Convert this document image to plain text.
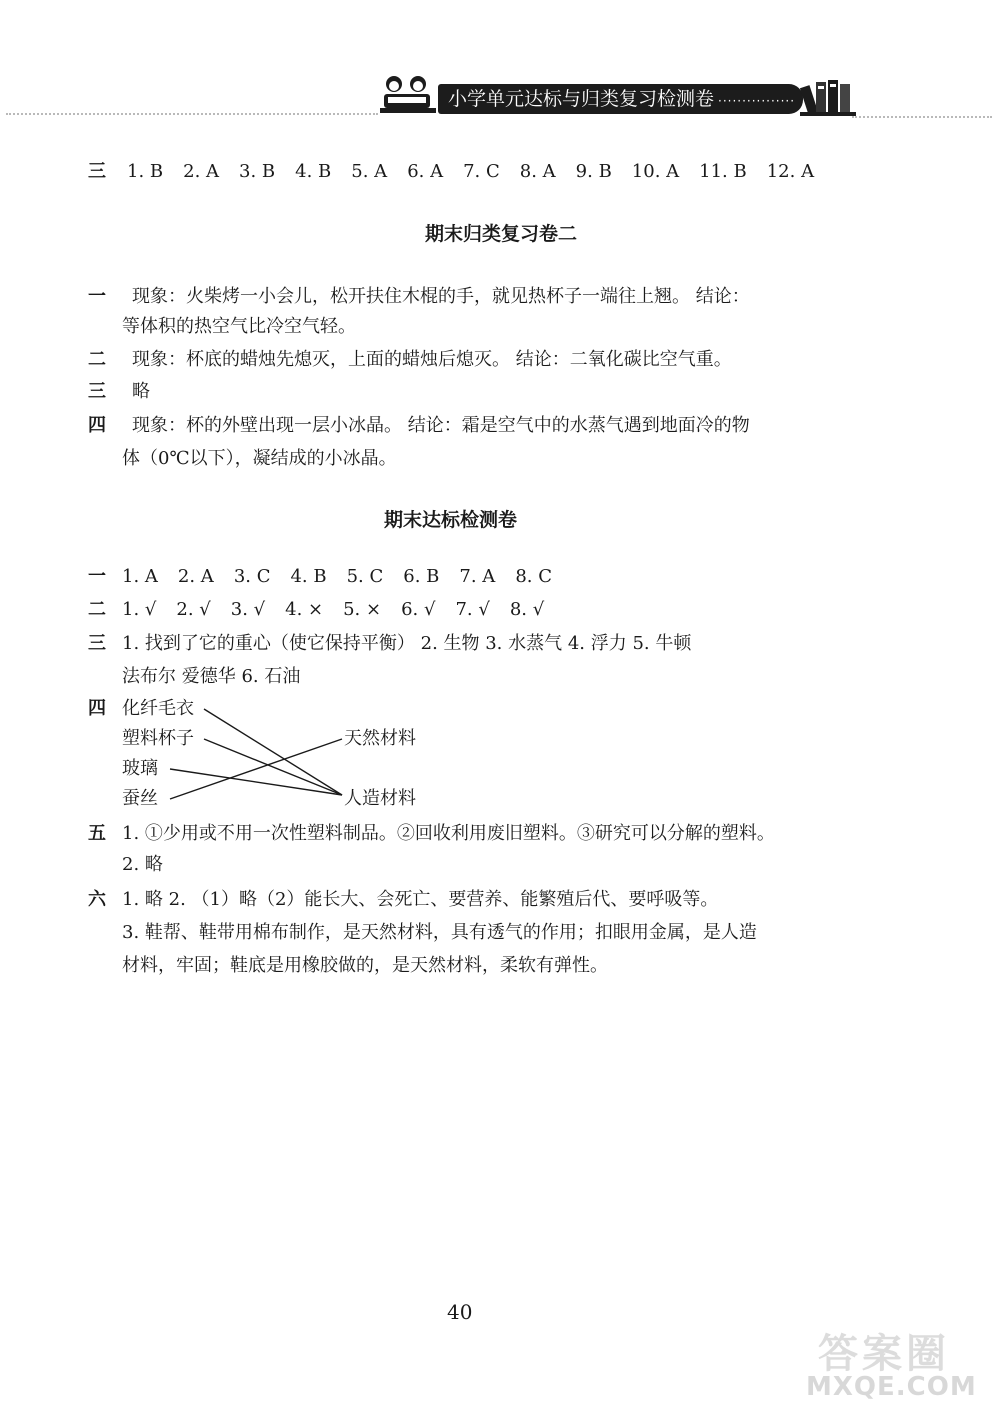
小学单元达标与归类复习检测卷 ················
三 1. B 2. A 3. B 4. B 5. A 6. A 7. C 8. A 9. B 10. A 11. B 12. A
期末归类复习卷二
一 现象：火柴烤一小会儿，松开扶住木棍的手，就见热杯子一端往上翘。 结论：
等体积的热空气比冷空气轻。
二 现象：杯底的蜡烛先熄灭，上面的蜡烛后熄灭。 结论：二氧化碳比空气重。
三 略
四 现象：杯的外壁出现一层小冰晶。 结论：霜是空气中的水蒸气遇到地面冷的物
体（0℃以下），凝结成的小冰晶。
期末达标检测卷
一 1. A 2. A 3. C 4. B 5. C 6. B 7. A 8. C
二 1. √ 2. √ 3. √ 4. × 5. × 6. √ 7. √ 8. √
三 1. 找到了它的重心（使它保持平衡） 2. 生物 3. 水蒸气 4. 浮力 5. 牛顿
法布尔 爱德华 6. 石油
四 化纤毛衣
塑料杯子
玻璃
蚕丝
天然材料
人造材料
五 1. ①少用或不用一次性塑料制品。②回收利用废旧塑料。③研究可以分解的塑料。
2. 略
六 1. 略 2. （1）略（2）能长大、会死亡、要营养、能繁殖后代、要呼吸等。
3. 鞋帮、鞋带用棉布制作，是天然材料，具有透气的作用；扣眼用金属，是人造
材料，牢固；鞋底是用橡胶做的，是天然材料，柔软有弹性。
40
答案圈
MXQE.COM
